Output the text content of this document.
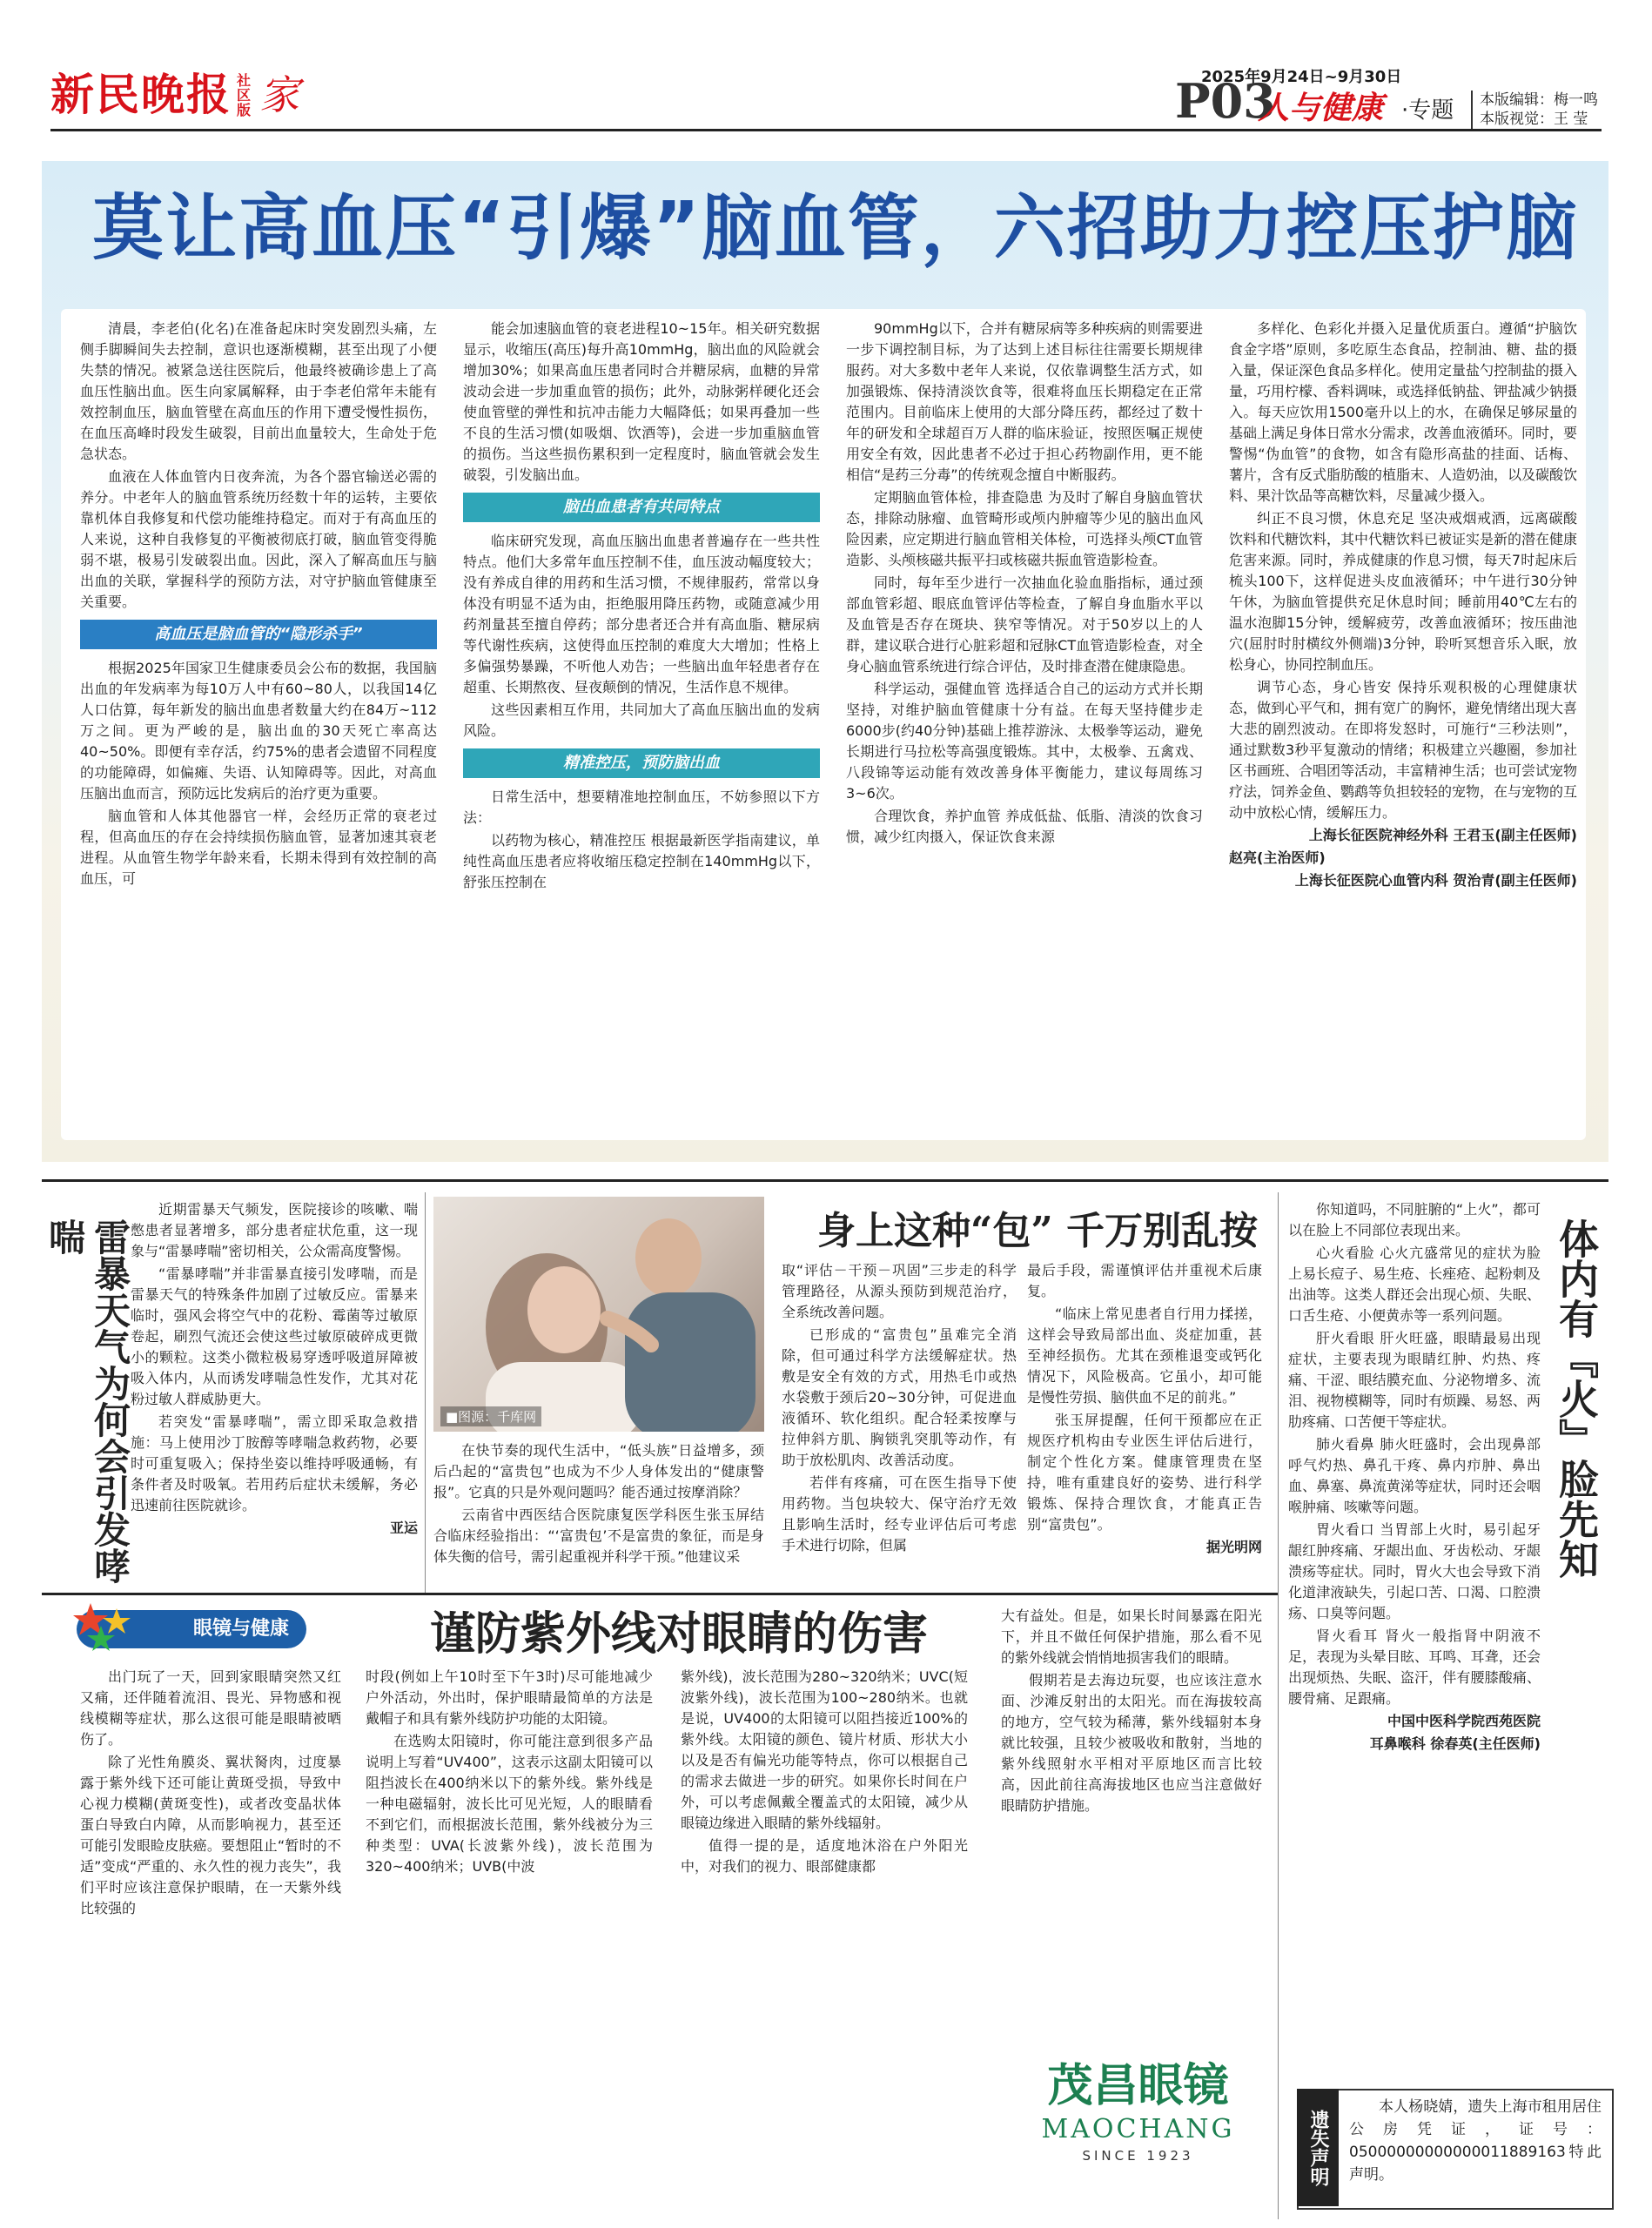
新民晚报 社区版 家	2025年9月24日~9月30日
P03
人与健康 ·专题 本版编辑：梅一鸣
本版视觉：王 莹
莫让高血压“引爆”脑血管，六招助力控压护脑

清晨，李老伯(化名)在准备起床时突发剧烈头痛，左侧手脚瞬间失去控制，意识也逐渐模糊，甚至出现了小便失禁的情况。被紧急送往医院后，他最终被确诊患上了高血压性脑出血。医生向家属解释，由于李老伯常年未能有效控制血压，脑血管壁在高血压的作用下遭受慢性损伤，在血压高峰时段发生破裂，目前出血量较大，生命处于危急状态。

血液在人体血管内日夜奔流，为各个器官输送必需的养分。中老年人的脑血管系统历经数十年的运转，主要依靠机体自我修复和代偿功能维持稳定。而对于有高血压的人来说，这种自我修复的平衡被彻底打破，脑血管变得脆弱不堪，极易引发破裂出血。因此，深入了解高血压与脑出血的关联，掌握科学的预防方法，对守护脑血管健康至关重要。

高血压是脑血管的“隐形杀手”

根据2025年国家卫生健康委员会公布的数据，我国脑出血的年发病率为每10万人中有60~80人，以我国14亿人口估算，每年新发的脑出血患者数量大约在84万~112万之间。更为严峻的是，脑出血的30天死亡率高达40~50%。即便有幸存活，约75%的患者会遗留不同程度的功能障碍，如偏瘫、失语、认知障碍等。因此，对高血压脑出血而言，预防远比发病后的治疗更为重要。

脑血管和人体其他器官一样，会经历正常的衰老过程，但高血压的存在会持续损伤脑血管，显著加速其衰老进程。从血管生物学年龄来看，长期未得到有效控制的高血压，可

能会加速脑血管的衰老进程10~15年。相关研究数据显示，收缩压(高压)每升高10mmHg，脑出血的风险就会增加30%；如果高血压患者同时合并糖尿病，血糖的异常波动会进一步加重血管的损伤；此外，动脉粥样硬化还会使血管壁的弹性和抗冲击能力大幅降低；如果再叠加一些不良的生活习惯(如吸烟、饮酒等)，会进一步加重脑血管的损伤。当这些损伤累积到一定程度时，脑血管就会发生破裂，引发脑出血。

脑出血患者有共同特点

临床研究发现，高血压脑出血患者普遍存在一些共性特点。他们大多常年血压控制不佳，血压波动幅度较大；没有养成自律的用药和生活习惯，不规律服药，常常以身体没有明显不适为由，拒绝服用降压药物，或随意减少用药剂量甚至擅自停药；部分患者还合并有高血脂、糖尿病等代谢性疾病，这使得血压控制的难度大大增加；性格上多偏强势暴躁，不听他人劝告；一些脑出血年轻患者存在超重、长期熬夜、昼夜颠倒的情况，生活作息不规律。

这些因素相互作用，共同加大了高血压脑出血的发病风险。

精准控压，预防脑出血

日常生活中，想要精准地控制血压，不妨参照以下方法：

以药物为核心，精准控压 根据最新医学指南建议，单纯性高血压患者应将收缩压稳定控制在140mmHg以下，舒张压控制在

90mmHg以下，合并有糖尿病等多种疾病的则需要进一步下调控制目标，为了达到上述目标往往需要长期规律服药。对大多数中老年人来说，仅依靠调整生活方式，如加强锻炼、保持清淡饮食等，很难将血压长期稳定在正常范围内。目前临床上使用的大部分降压药，都经过了数十年的研发和全球超百万人群的临床验证，按照医嘱正规使用安全有效，因此患者不必过于担心药物副作用，更不能相信“是药三分毒”的传统观念擅自中断服药。

定期脑血管体检，排查隐患 为及时了解自身脑血管状态，排除动脉瘤、血管畸形或颅内肿瘤等少见的脑出血风险因素，应定期进行脑血管相关体检，可选择头颅CT血管造影、头颅核磁共振平扫或核磁共振血管造影检查。

同时，每年至少进行一次抽血化验血脂指标，通过颈部血管彩超、眼底血管评估等检查，了解自身血脂水平以及血管是否存在斑块、狭窄等情况。对于50岁以上的人群，建议联合进行心脏彩超和冠脉CT血管造影检查，对全身心脑血管系统进行综合评估，及时排查潜在健康隐患。

科学运动，强健血管 选择适合自己的运动方式并长期坚持，对维护脑血管健康十分有益。在每天坚持健步走6000步(约40分钟)基础上推荐游泳、太极拳等运动，避免长期进行马拉松等高强度锻炼。其中，太极拳、五禽戏、八段锦等运动能有效改善身体平衡能力，建议每周练习3~6次。

合理饮食，养护血管 养成低盐、低脂、清淡的饮食习惯，减少红肉摄入，保证饮食来源

多样化、色彩化并摄入足量优质蛋白。遵循“护脑饮食金字塔”原则，多吃原生态食品，控制油、糖、盐的摄入量，保证深色食品多样化。使用定量盐勺控制盐的摄入量，巧用柠檬、香料调味，或选择低钠盐、钾盐减少钠摄入。每天应饮用1500毫升以上的水，在确保足够尿量的基础上满足身体日常水分需求，改善血液循环。同时，要警惕“伪血管”的食物，如含有隐形高盐的挂面、话梅、薯片，含有反式脂肪酸的植脂末、人造奶油，以及碳酸饮料、果汁饮品等高糖饮料，尽量减少摄入。

纠正不良习惯，休息充足 坚决戒烟戒酒，远离碳酸饮料和代糖饮料，其中代糖饮料已被证实是新的潜在健康危害来源。同时，养成健康的作息习惯，每天7时起床后梳头100下，这样促进头皮血液循环；中午进行30分钟午休，为脑血管提供充足休息时间；睡前用40℃左右的温水泡脚15分钟，缓解疲劳，改善血液循环；按压曲池穴(屈肘时肘横纹外侧端)3分钟，聆听冥想音乐入眠，放松身心，协同控制血压。

调节心态，身心皆安 保持乐观积极的心理健康状态，做到心平气和，拥有宽广的胸怀，避免情绪出现大喜大悲的剧烈波动。在即将发怒时，可施行“三秒法则”，通过默数3秒平复激动的情绪；积极建立兴趣圈，参加社区书画班、合唱团等活动，丰富精神生活；也可尝试宠物疗法，饲养金鱼、鹦鹉等负担较轻的宠物，在与宠物的互动中放松心情，缓解压力。

上海长征医院神经外科 王君玉(副主任医师)

赵亮(主治医师)

上海长征医院心血管内科 贺治青(副主任医师)

雷暴天气为何会引发哮喘

近期雷暴天气频发，医院接诊的咳嗽、喘憋患者显著增多，部分患者症状危重，这一现象与“雷暴哮喘”密切相关，公众需高度警惕。

“雷暴哮喘”并非雷暴直接引发哮喘，而是雷暴天气的特殊条件加剧了过敏反应。雷暴来临时，强风会将空气中的花粉、霉菌等过敏原卷起，刷烈气流还会使这些过敏原破碎成更微小的颗粒。这类小微粒极易穿透呼吸道屏障被吸入体内，从而诱发哮喘急性发作，尤其对花粉过敏人群威胁更大。

若突发“雷暴哮喘”，需立即采取急救措施：马上使用沙丁胺醇等哮喘急救药物，必要时可重复吸入；保持坐姿以维持呼吸通畅，有条件者及时吸氧。若用药后症状未缓解，务必迅速前往医院就诊。

亚运

■图源：千库网
身上这种“包” 千万别乱按

在快节奏的现代生活中，“低头族”日益增多，颈后凸起的“富贵包”也成为不少人身体发出的“健康警报”。它真的只是外观问题吗？能否通过按摩消除？

云南省中西医结合医院康复医学科医生张玉屏结合临床经验指出：“‘富贵包’不是富贵的象征，而是身体失衡的信号，需引起重视并科学干预。”他建议采

取“评估－干预－巩固”三步走的科学管理路径，从源头预防到规范治疗，全系统改善问题。

已形成的“富贵包”虽难完全消除，但可通过科学方法缓解症状。热敷是安全有效的方式，用热毛巾或热水袋敷于颈后20~30分钟，可促进血液循环、软化组织。配合轻柔按摩与拉伸斜方肌、胸锁乳突肌等动作，有助于放松肌肉、改善活动度。

若伴有疼痛，可在医生指导下使用药物。当包块较大、保守治疗无效且影响生活时，经专业评估后可考虑手术进行切除，但属

最后手段，需谨慎评估并重视术后康复。

“临床上常见患者自行用力揉搓，这样会导致局部出血、炎症加重，甚至神经损伤。尤其在颈椎退变或钙化情况下，风险极高。它虽小，却可能是慢性劳损、脑供血不足的前兆。”

张玉屏提醒，任何干预都应在正规医疗机构由专业医生评估后进行，制定个性化方案。健康管理贵在坚持，唯有重建良好的姿势、进行科学锻炼、保持合理饮食，才能真正告别“富贵包”。

据光明网

你知道吗，不同脏腑的“上火”，都可以在脸上不同部位表现出来。

心火看脸 心火亢盛常见的症状为脸上易长痘子、易生疮、长痤疮、起粉刺及出油等。这类人群还会出现心烦、失眠、口舌生疮、小便黄赤等一系列问题。

肝火看眼 肝火旺盛，眼睛最易出现症状，主要表现为眼睛红肿、灼热、疼痛、干涩、眼结膜充血、分泌物增多、流泪、视物模糊等，同时有烦躁、易怒、两肋疼痛、口苦便干等症状。

肺火看鼻 肺火旺盛时，会出现鼻部呼气灼热、鼻孔干疼、鼻内疖肿、鼻出血、鼻塞、鼻流黄涕等症状，同时还会咽喉肿痛、咳嗽等问题。

胃火看口 当胃部上火时，易引起牙龈红肿疼痛、牙龈出血、牙齿松动、牙龈溃疡等症状。同时，胃火大也会导致下消化道津液缺失，引起口苦、口渴、口腔溃疡、口臭等问题。

肾火看耳 肾火一般指肾中阴液不足，表现为头晕目眩、耳鸣、耳聋，还会出现烦热、失眠、盗汗，伴有腰膝酸痛、腰骨痛、足跟痛。

中国中医科学院西苑医院

耳鼻喉科 徐春英(主任医师)

体内有『火』脸先知
眼镜与健康	谨防紫外线对眼睛的伤害

出门玩了一天，回到家眼睛突然又红又痛，还伴随着流泪、畏光、异物感和视线模糊等症状，那么这很可能是眼睛被晒伤了。

除了光性角膜炎、翼状胬肉，过度暴露于紫外线下还可能让黄斑受损，导致中心视力模糊(黄斑变性)，或者改变晶状体蛋白导致白内障，从而影响视力，甚至还可能引发眼睑皮肤癌。要想阻止“暂时的不适”变成“严重的、永久性的视力丧失”，我们平时应该注意保护眼睛，在一天紫外线比较强的

时段(例如上午10时至下午3时)尽可能地减少户外活动，外出时，保护眼睛最简单的方法是戴帽子和具有紫外线防护功能的太阳镜。

在选购太阳镜时，你可能注意到很多产品说明上写着“UV400”，这表示这副太阳镜可以阻挡波长在400纳米以下的紫外线。紫外线是一种电磁辐射，波长比可见光短，人的眼睛看不到它们，而根据波长范围，紫外线被分为三种类型：UVA(长波紫外线)，波长范围为320~400纳米；UVB(中波

紫外线)，波长范围为280~320纳米；UVC(短波紫外线)，波长范围为100~280纳米。也就是说，UV400的太阳镜可以阻挡接近100%的紫外线。太阳镜的颜色、镜片材质、形状大小以及是否有偏光功能等特点，你可以根据自己的需求去做进一步的研究。如果你长时间在户外，可以考虑佩戴全覆盖式的太阳镜，减少从眼镜边缘进入眼睛的紫外线辐射。

值得一提的是，适度地沐浴在户外阳光中，对我们的视力、眼部健康都

大有益处。但是，如果长时间暴露在阳光下，并且不做任何保护措施，那么看不见的紫外线就会悄悄地损害我们的眼睛。

假期若是去海边玩耍，也应该注意水面、沙滩反射出的太阳光。而在海拔较高的地方，空气较为稀薄，紫外线辐射本身就比较强，且较少被吸收和散射，当地的紫外线照射水平相对平原地区而言比较高，因此前往高海拔地区也应当注意做好眼睛防护措施。

茂昌眼镜
MAOCHANG
SINCE 1923	遗失声明

本人杨晓婧，遗失上海市租用居住公房凭证，证号：05000000000000011889163特此声明。
